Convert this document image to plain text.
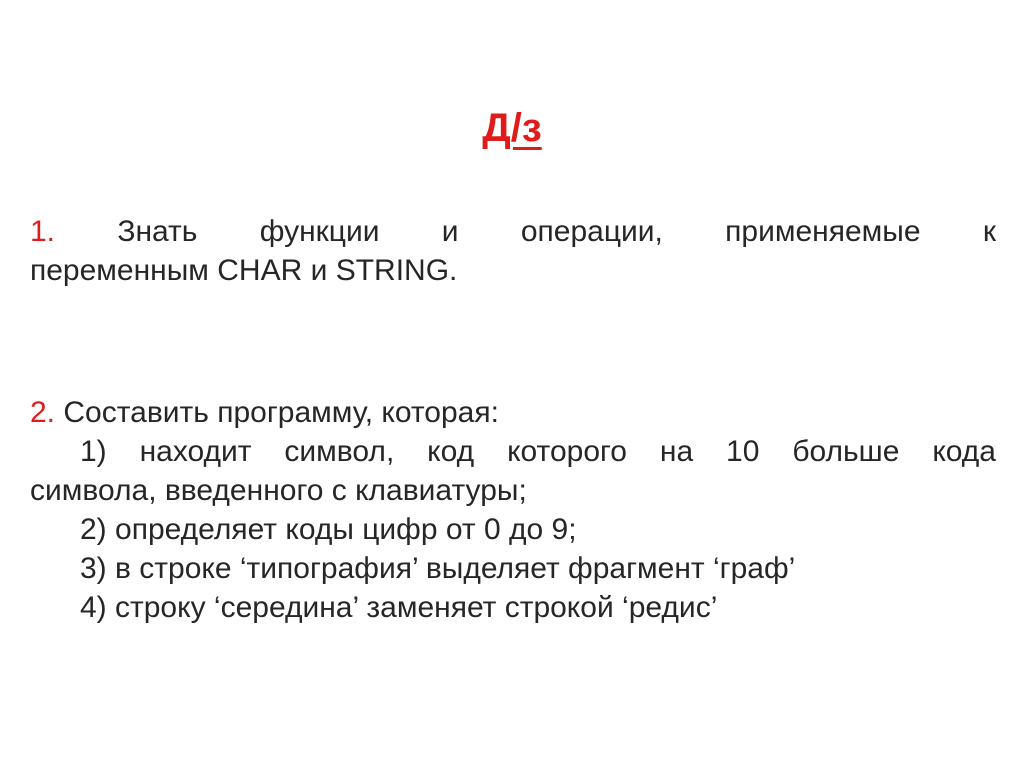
Д/з
1. Знать функции и операции, применяемые к
переменным CHAR и STRING.
2. Составить программу, которая:
1) находит символ, код которого на 10 больше кода
символа, введенного с клавиатуры;
2) определяет коды цифр от 0 до 9;
3) в строке ‘типография’ выделяет фрагмент ‘граф’
4) строку ‘середина’ заменяет строкой ‘редис’
